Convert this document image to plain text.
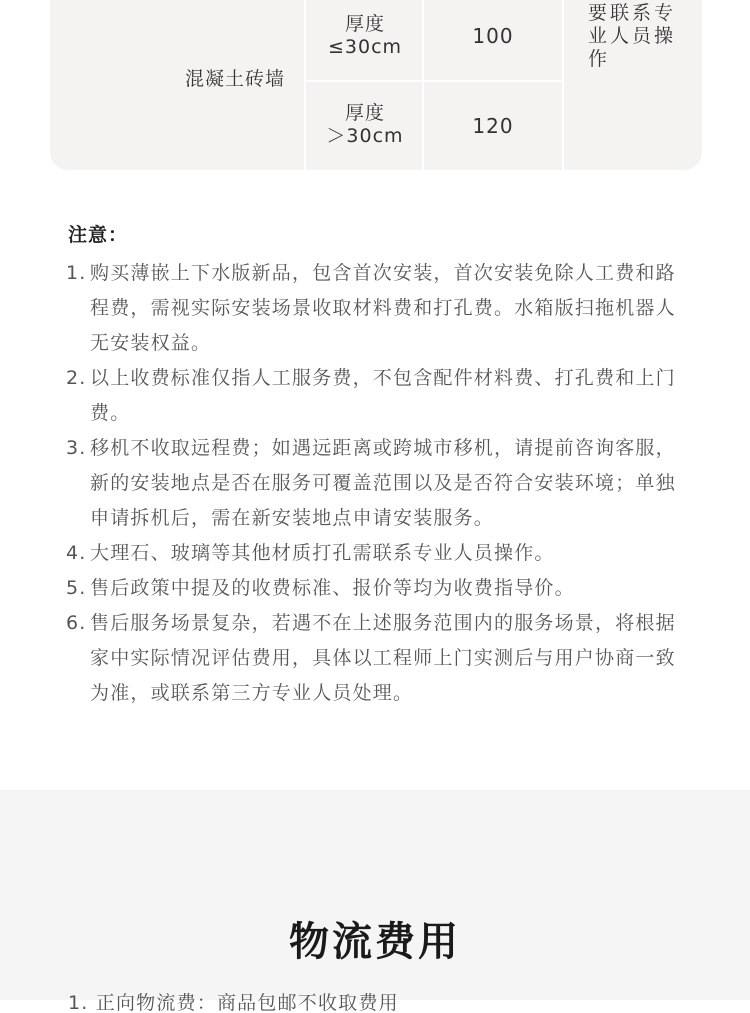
混凝土砖墙
厚度
≤30cm	100
厚度
＞30cm	120
要联系专
业人员操
作
注意：
1. 购买薄嵌上下水版新品，包含首次安装，首次安装免除人工费和路程费，需视实际安装场景收取材料费和打孔费。水箱版扫拖机器人无安装权益。
2. 以上收费标准仅指人工服务费，不包含配件材料费、打孔费和上门费。
3. 移机不收取远程费；如遇远距离或跨城市移机，请提前咨询客服，新的安装地点是否在服务可覆盖范围以及是否符合安装环境；单独申请拆机后，需在新安装地点申请安装服务。
4. 大理石、玻璃等其他材质打孔需联系专业人员操作。
5. 售后政策中提及的收费标准、报价等均为收费指导价。
6. 售后服务场景复杂，若遇不在上述服务范围内的服务场景，将根据家中实际情况评估费用，具体以工程师上门实测后与用户协商一致为准，或联系第三方专业人员处理。
物流费用
1. 正向物流费：商品包邮不收取费用
